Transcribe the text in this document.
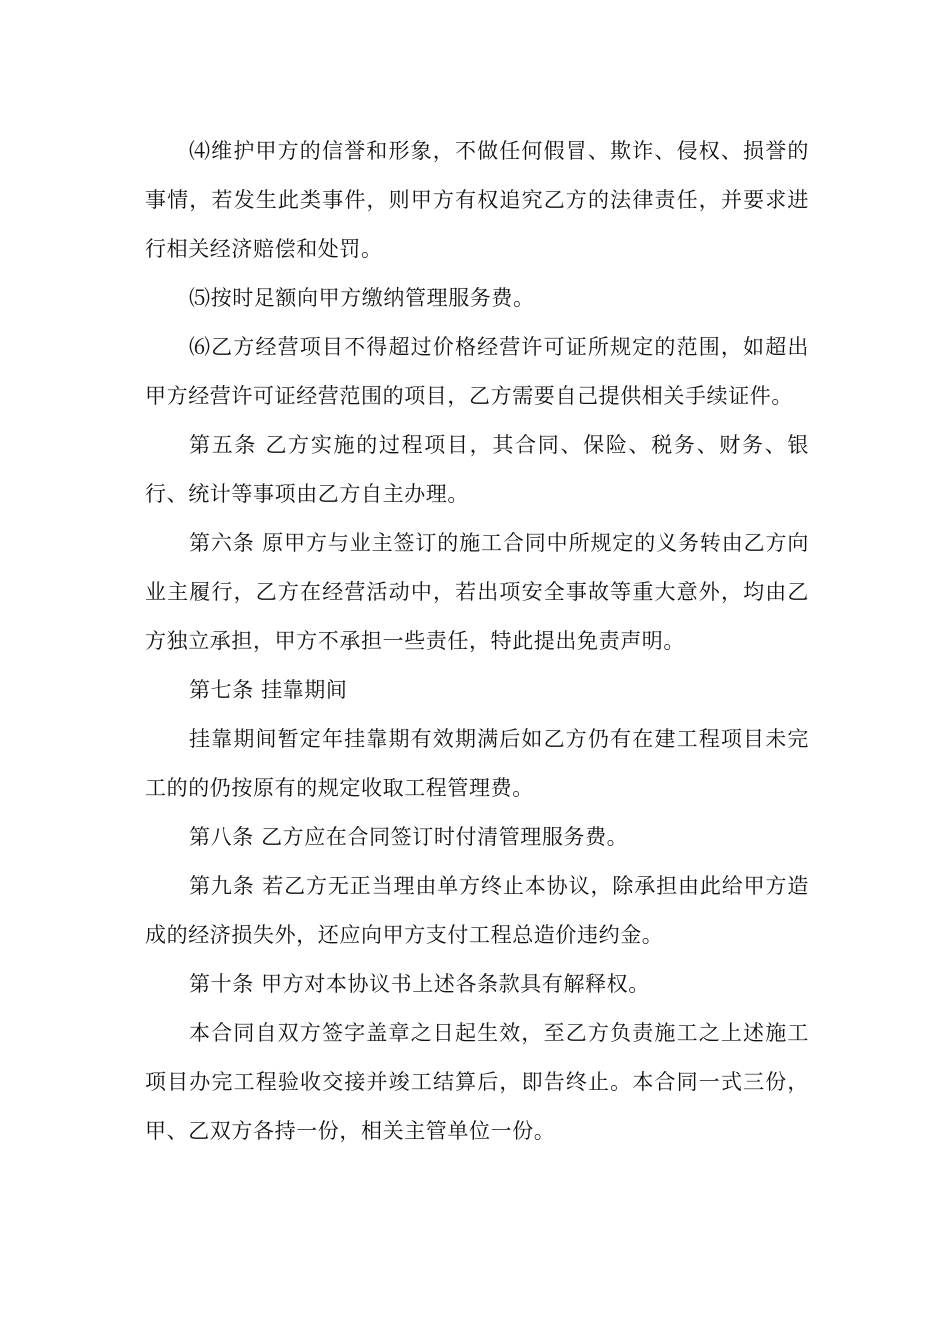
⑷维护甲方的信誉和形象，不做任何假冒、欺诈、侵权、损誉的事情，若发生此类事件，则甲方有权追究乙方的法律责任，并要求进行相关经济赔偿和处罚。

⑸按时足额向甲方缴纳管理服务费。

⑹乙方经营项目不得超过价格经营许可证所规定的范围，如超出甲方经营许可证经营范围的项目，乙方需要自己提供相关手续证件。

第五条 乙方实施的过程项目，其合同、保险、税务、财务、银行、统计等事项由乙方自主办理。

第六条 原甲方与业主签订的施工合同中所规定的义务转由乙方向业主履行，乙方在经营活动中，若出项安全事故等重大意外，均由乙方独立承担，甲方不承担一些责任，特此提出免责声明。

第七条 挂靠期间

挂靠期间暂定年挂靠期有效期满后如乙方仍有在建工程项目未完工的的仍按原有的规定收取工程管理费。

第八条 乙方应在合同签订时付清管理服务费。

第九条 若乙方无正当理由单方终止本协议，除承担由此给甲方造成的经济损失外，还应向甲方支付工程总造价违约金。

第十条 甲方对本协议书上述各条款具有解释权。

本合同自双方签字盖章之日起生效，至乙方负责施工之上述施工项目办完工程验收交接并竣工结算后，即告终止。本合同一式三份，甲、乙双方各持一份，相关主管单位一份。
